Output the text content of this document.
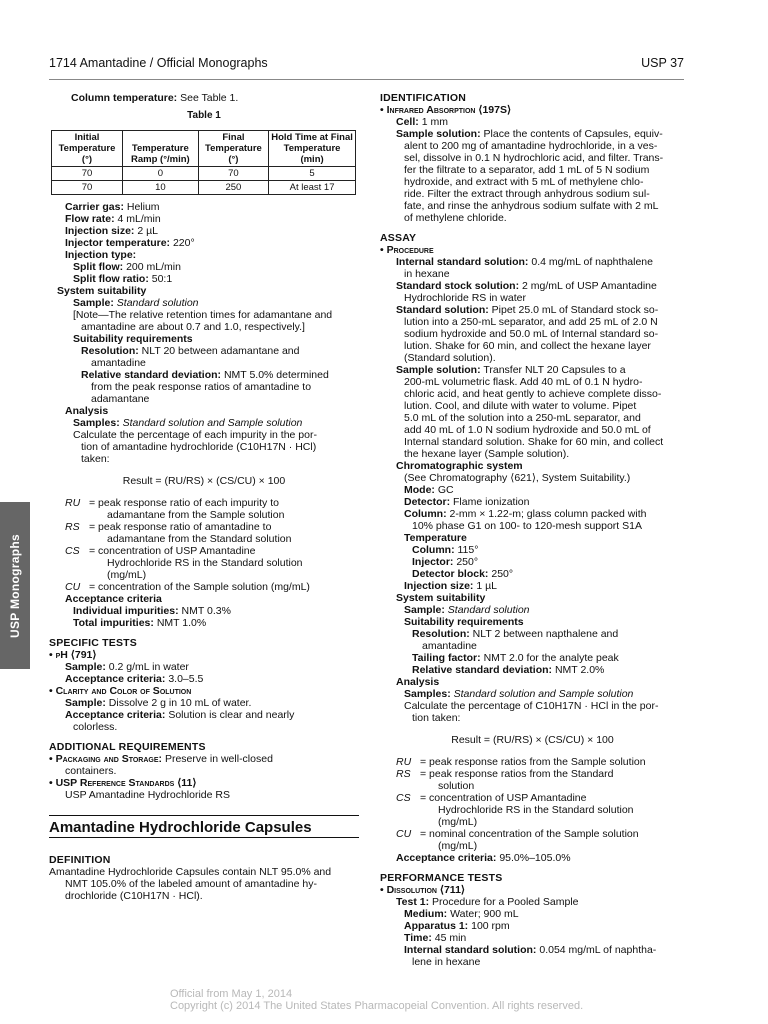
1714 Amantadine / Official Monographs	USP 37
USP Monographs
Column temperature: See Table 1.
Table 1
Initial Temperature (°)	Temperature Ramp (°/min)	Final Temperature (°)	Hold Time at Final Temperature (min)
70	0	70	5
70	10	250	At least 17
Carrier gas: Helium
Flow rate: 4 mL/min
Injection size: 2 µL
Injector temperature: 220°
Injection type:
Split flow: 200 mL/min
Split flow ratio: 50:1
System suitability
Sample: Standard solution
[Note—The relative retention times for adamantane and
amantadine are about 0.7 and 1.0, respectively.]
Suitability requirements
Resolution: NLT 20 between adamantane and
amantadine
Relative standard deviation: NMT 5.0% determined
from the peak response ratios of amantadine to
adamantane
Analysis
Samples: Standard solution and Sample solution
Calculate the percentage of each impurity in the por-
tion of amantadine hydrochloride (C10H17N · HCl)
taken:
Result = (RU/RS) × (CS/CU) × 100
RU = peak response ratio of each impurity to
adamantane from the Sample solution
RS = peak response ratio of amantadine to
adamantane from the Standard solution
CS = concentration of USP Amantadine
Hydrochloride RS in the Standard solution
(mg/mL)
CU = concentration of the Sample solution (mg/mL)
Acceptance criteria
Individual impurities: NMT 0.3%
Total impurities: NMT 1.0%
SPECIFIC TESTS
• pH ⟨791⟩
Sample: 0.2 g/mL in water
Acceptance criteria: 3.0–5.5
• Clarity and Color of Solution
Sample: Dissolve 2 g in 10 mL of water.
Acceptance criteria: Solution is clear and nearly
colorless.
ADDITIONAL REQUIREMENTS
• Packaging and Storage: Preserve in well-closed
containers.
• USP Reference Standards ⟨11⟩
USP Amantadine Hydrochloride RS
Amantadine Hydrochloride Capsules
DEFINITION
Amantadine Hydrochloride Capsules contain NLT 95.0% and
NMT 105.0% of the labeled amount of amantadine hy-
drochloride (C10H17N · HCl).
IDENTIFICATION
• Infrared Absorption ⟨197S⟩
Cell: 1 mm
Sample solution: Place the contents of Capsules, equiv-
alent to 200 mg of amantadine hydrochloride, in a ves-
sel, dissolve in 0.1 N hydrochloric acid, and filter. Trans-
fer the filtrate to a separator, add 1 mL of 5 N sodium
hydroxide, and extract with 5 mL of methylene chlo-
ride. Filter the extract through anhydrous sodium sul-
fate, and rinse the anhydrous sodium sulfate with 2 mL
of methylene chloride.
ASSAY
• Procedure
Internal standard solution: 0.4 mg/mL of naphthalene
in hexane
Standard stock solution: 2 mg/mL of USP Amantadine
Hydrochloride RS in water
Standard solution: Pipet 25.0 mL of Standard stock so-
lution into a 250-mL separator, and add 25 mL of 2.0 N
sodium hydroxide and 50.0 mL of Internal standard so-
lution. Shake for 60 min, and collect the hexane layer
(Standard solution).
Sample solution: Transfer NLT 20 Capsules to a
200-mL volumetric flask. Add 40 mL of 0.1 N hydro-
chloric acid, and heat gently to achieve complete disso-
lution. Cool, and dilute with water to volume. Pipet
5.0 mL of the solution into a 250-mL separator, and
add 40 mL of 1.0 N sodium hydroxide and 50.0 mL of
Internal standard solution. Shake for 60 min, and collect
the hexane layer (Sample solution).
Chromatographic system
(See Chromatography ⟨621⟩, System Suitability.)
Mode: GC
Detector: Flame ionization
Column: 2-mm × 1.22-m; glass column packed with
10% phase G1 on 100- to 120-mesh support S1A
Temperature
Column: 115°
Injector: 250°
Detector block: 250°
Injection size: 1 µL
System suitability
Sample: Standard solution
Suitability requirements
Resolution: NLT 2 between napthalene and
amantadine
Tailing factor: NMT 2.0 for the analyte peak
Relative standard deviation: NMT 2.0%
Analysis
Samples: Standard solution and Sample solution
Calculate the percentage of C10H17N · HCl in the por-
tion taken:
Result = (RU/RS) × (CS/CU) × 100
RU = peak response ratios from the Sample solution
RS = peak response ratios from the Standard
solution
CS = concentration of USP Amantadine
Hydrochloride RS in the Standard solution
(mg/mL)
CU = nominal concentration of the Sample solution
(mg/mL)
Acceptance criteria: 95.0%–105.0%
PERFORMANCE TESTS
• Dissolution ⟨711⟩
Test 1: Procedure for a Pooled Sample
Medium: Water; 900 mL
Apparatus 1: 100 rpm
Time: 45 min
Internal standard solution: 0.054 mg/mL of naphtha-
lene in hexane
Official from May 1, 2014
Copyright (c) 2014 The United States Pharmacopeial Convention. All rights reserved.
